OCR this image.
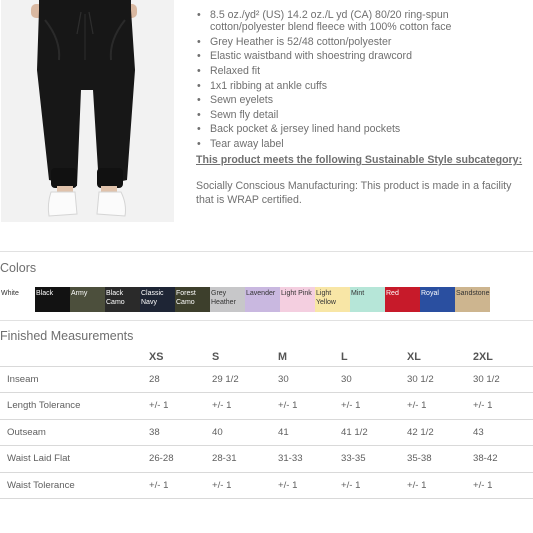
• 8.5 oz./yd² (US) 14.2 oz./L yd (CA) 80/20 ring-spun cotton/polyester blend fleece with 100% cotton face
• Grey Heather is 52/48 cotton/polyester
• Elastic waistband with shoestring drawcord
• Relaxed fit
• 1x1 ribbing at ankle cuffs
• Sewn eyelets
• Sewn fly detail
• Back pocket & jersey lined hand pockets
• Tear away label
This product meets the following Sustainable Style subcategory:

Socially Conscious Manufacturing: This product is made in a facility that is WRAP certified.

Colors
White	Black	Army	Black Camo
Classic Navy
Forest Camo
Grey Heather
Lavender Light Pink Light Yellow
Mint	Red	Royal	Sandstone
Finished Measurements
	XS	S	M	L	XL	2XL
Inseam	28	29 1/2	30	30	30 1/2	30 1/2
Length Tolerance	+/- 1	+/- 1	+/- 1	+/- 1	+/- 1	+/- 1
Outseam	38	40	41	41 1/2	42 1/2	43
Waist Laid Flat	26-28	28-31	31-33	33-35	35-38	38-42
Waist Tolerance	+/- 1	+/- 1	+/- 1	+/- 1	+/- 1	+/- 1
